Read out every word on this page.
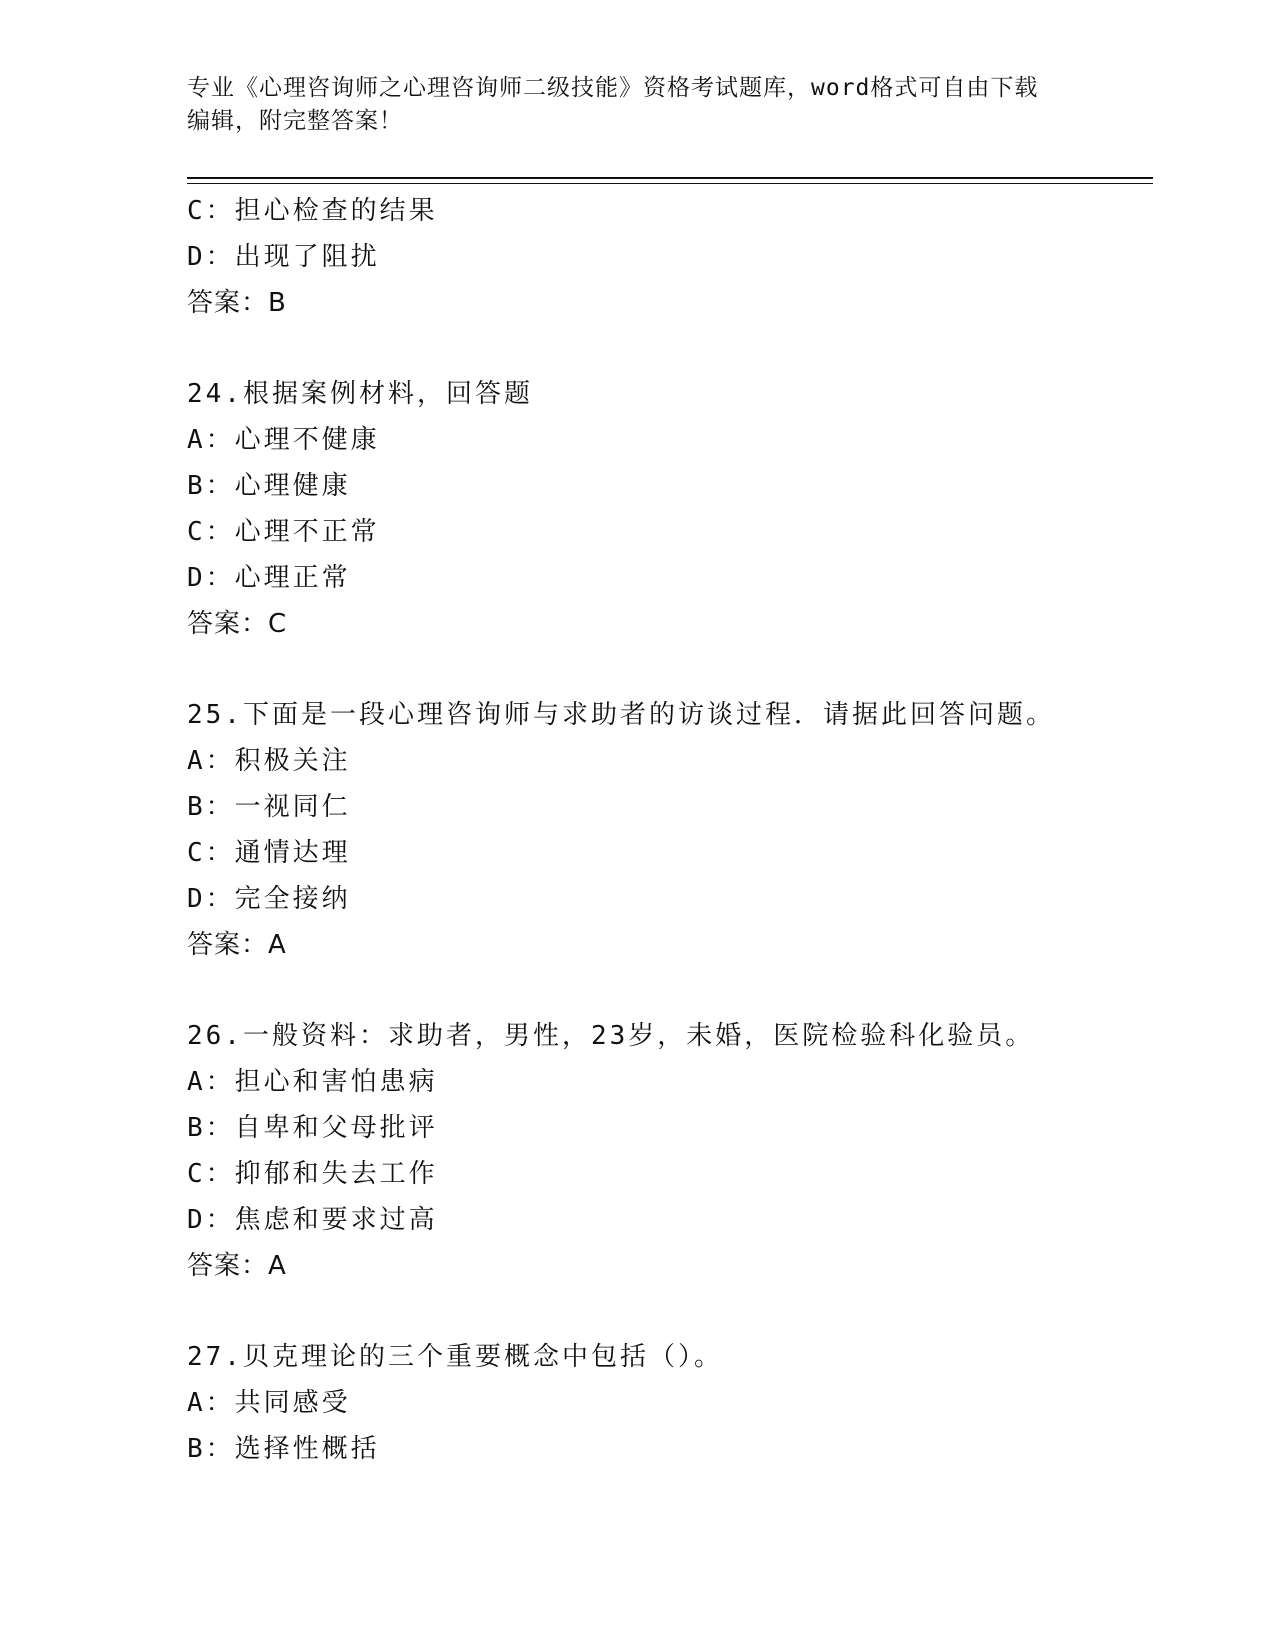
专业《心理咨询师之心理咨询师二级技能》资格考试题库，word格式可自由下载
编辑，附完整答案！
C：担心检查的结果
D：出现了阻扰
答案：B
24.根据案例材料，回答题
A：心理不健康
B：心理健康
C：心理不正常
D：心理正常
答案：C
25.下面是一段心理咨询师与求助者的访谈过程．请据此回答问题。
A：积极关注
B：一视同仁
C：通情达理
D：完全接纳
答案：A
26.一般资料：求助者，男性，23岁，未婚，医院检验科化验员。
A：担心和害怕患病
B：自卑和父母批评
C：抑郁和失去工作
D：焦虑和要求过高
答案：A
27.贝克理论的三个重要概念中包括（）。
A：共同感受
B：选择性概括
